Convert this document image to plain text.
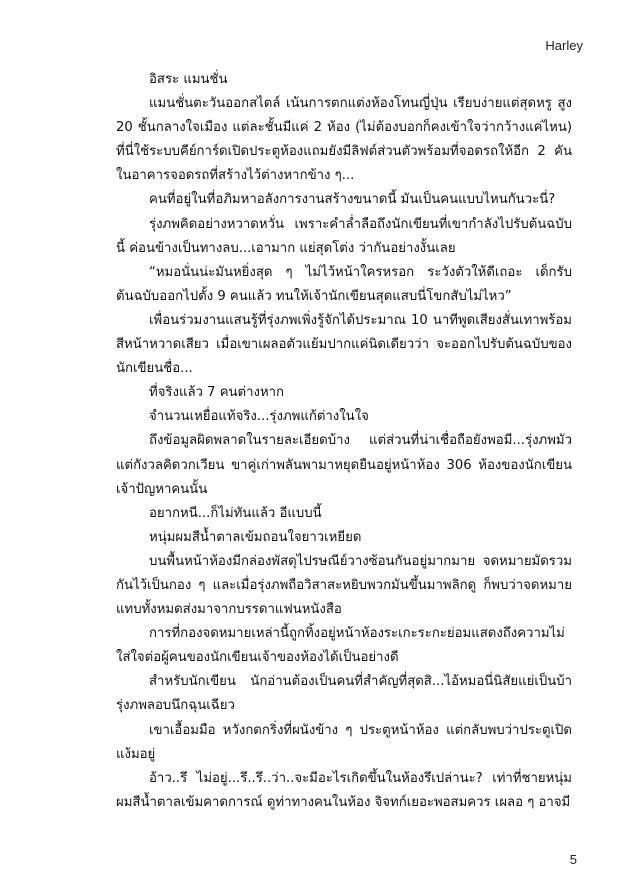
Harley

อิสระ แมนชั่น

แมนชั่นตะวันออกสไตล์ เน้นการตกแต่งห้องโทนญี่ปุ่น เรียบง่ายแต่สุดหรู สูง 20 ชั้นกลางใจเมือง แต่ละชั้นมีแค่ 2 ห้อง (ไม่ต้องบอกก็คงเข้าใจว่ากว้างแค่ไหน) ที่นี่ใช้ระบบคีย์การ์ดเปิดประตูห้องแถมยังมีลิฟต์ส่วนตัวพร้อมที่จอดรถให้อีก 2 คันในอาคารจอดรถที่สร้างไว้ต่างหากข้าง ๆ...

คนที่อยู่ในที่อภิมหาอลังการงานสร้างขนาดนี้ มันเป็นคนแบบไหนกันวะนี่?

รุ่งภพคิดอย่างหวาดหวั่น เพราะคำล่ำลือถึงนักเขียนที่เขากำลังไปรับต้นฉบับนี้ ค่อนข้างเป็นทางลบ...เอามาก แย่สุดโต่ง ว่ากันอย่างงั้นเลย

“หมอนั่นน่ะมันหยิ่งสุด ๆ ไม่ไว้หน้าใครหรอก ระวังตัวให้ดีเถอะ เด็กรับต้นฉบับออกไปตั้ง 9 คนแล้ว ทนให้เจ้านักเขียนสุดแสบนี่โขกสับไม่ไหว”

เพื่อนร่วมงานแสนรู้ที่รุ่งภพเพิ่งรู้จักได้ประมาณ 10 นาทีพูดเสียงสั่นเทาพร้อมสีหน้าหวาดเสียว เมื่อเขาเผลอตัวแย้มปากแค่นิดเดียวว่า จะออกไปรับต้นฉบับของนักเขียนชื่อ...

ที่จริงแล้ว 7 คนต่างหาก

จำนวนเหยื่อแท้จริง...รุ่งภพแก้ต่างในใจ

ถึงข้อมูลผิดพลาดในรายละเอียดบ้าง แต่ส่วนที่น่าเชื่อถือยังพอมี...รุ่งภพมัวแต่กังวลคิดวกเวียน ขาคู่เก่าพลันพามาหยุดยืนอยู่หน้าห้อง 306 ห้องของนักเขียนเจ้าปัญหาคนนั้น

อยากหนี...ก็ไม่ทันแล้ว อีแบบนี้

หนุ่มผมสีน้ำตาลเข้มถอนใจยาวเหยียด

บนพื้นหน้าห้องมีกล่องพัสดุไปรษณีย์วางซ้อนกันอยู่มากมาย จดหมายมัดรวมกันไว้เป็นกอง ๆ และเมื่อรุ่งภพถือวิสาสะหยิบพวกมันขึ้นมาพลิกดู ก็พบว่าจดหมายแทบทั้งหมดส่งมาจากบรรดาแฟนหนังสือ

การที่กองจดหมายเหล่านี้ถูกทิ้งอยู่หน้าห้องระเกะระกะย่อมแสดงถึงความไม่ใส่ใจต่อผู้คนของนักเขียนเจ้าของห้องได้เป็นอย่างดี

สำหรับนักเขียน นักอ่านต้องเป็นคนที่สำคัญที่สุดสิ...ไอ้หมอนี่นิสัยแย่เป็นบ้า รุ่งภพลอบนึกฉุนเฉียว

เขาเอื้อมมือ หวังกดกริ่งที่ผนังข้าง ๆ ประตูหน้าห้อง แต่กลับพบว่าประตูเปิดแง้มอยู่

อ้าว..รึ ไม่อยู่...รึ..รึ..ว่า..จะมีอะไรเกิดขึ้นในห้องรึเปล่านะ? เท่าที่ชายหนุ่มผมสีน้ำตาลเข้มคาดการณ์ ดูท่าทางคนในห้อง จิจทก์เยอะพอสมควร เผลอ ๆ อาจมี

5
